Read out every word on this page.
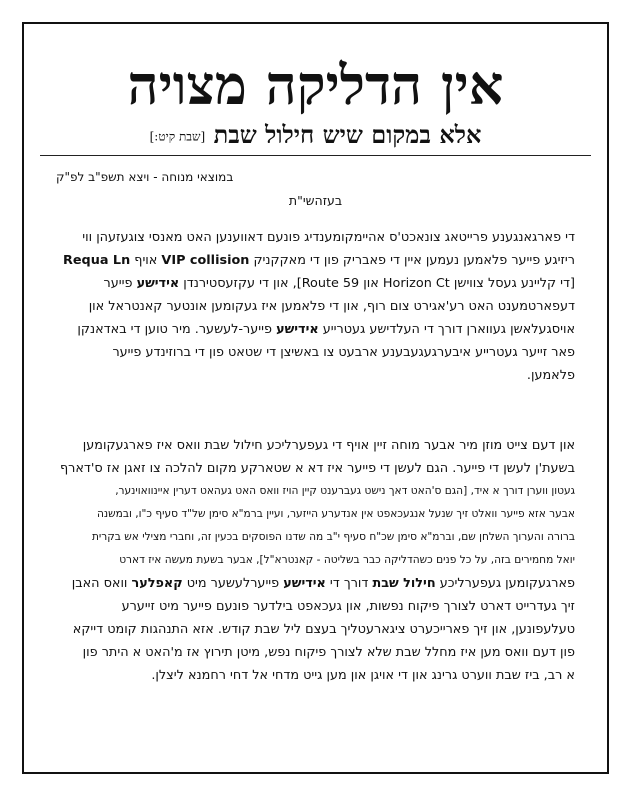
אין הדליקה מצויה
אלא במקום שיש חילול שבת [שבת קיט:]
במוצאי מנוחה - ויצא תשפ"ב לפ"ק
בעזהשי"ת
די פארגאנגענע פרייטאג צונאכט'ס אהיימקומענדיג פונעם דאווענען האט מאנסי צוגעזעהן ווי
ריזיגע פייער פלאמען נעמען איין די פאבריק פון די מאקקניק VIP collision אויף Requa Ln
[די קליינע געסל צווישן Horizon Ct און Route 59], און די עקזעסטירנדן אידישע פייער
דעפארטמענט האט רע'אגירט צום רוף, און די פלאמען איז געקומען אונטער קאנטראל און
אויסגעלאשן געווארן דורך די העלדישע געטרייע אידישע פייער-לעשער. מיר טוען די באדאנקן
פאר זייער געטרייע איבערגעגעבענע ארבעט צו באשיצן די שטאט פון די ברוזינדע פייער
פלאמען.
און דעם צייט מוזן מיר אבער מוחה זיין אויף די געפערליכע חילול שבת וואס איז פארגעקומען
בשעת'ן לעשן די פייער. הגם לעשן די פייער איז דא א שטארקע מקום להלכה צו זאגן אז ס'דארף
געטון ווערן דורך א איד, [הגם ס'האט דאך נישט געברענט קיין הויז וואס האט געהאט דערין איינוואוינער,
אבער אזא פייער וואלט זיך שנעל אנגעכאפט אין אנדערע הייזער, ועיין ברמ"א סימן של"ד סעיף כ"ו, ובמשנה
ברורה והערוך השלחן שם, וברמ"א סימן שכ"ח סעיף י"ב מה שדנו הפוסקים בכעין זה, וחברי מצילי אש בקרית
יואל מחמירים בזה, על כל פנים כשהדליקה כבר בשליטה - קאנטרא"ל], אבער בשעת מעשה איז דארט
פארגעקומען געפערליכע חילול שבת דורך די אידישע פייערלעשער מיט קאפלער וואס האבן
זיך געדרייט דארט לצורך פיקוח נפשות, און געכאפט בילדער פונעם פייער מיט זייערע
טעלעפונען, און זיך פארייכערט ציגארעטליך בעצם ליל שבת קודש. אזא התנהגות קומט דייקא
פון דעם וואס מען איז מחלל שבת שלא לצורך פיקוח נפש, מיטן תירוץ אז מ'האט א היתר פון
א רב, ביז שבת ווערט גרינג און די אויגן און מען גייט מדחי אל דחי רחמנא ליצלן.
